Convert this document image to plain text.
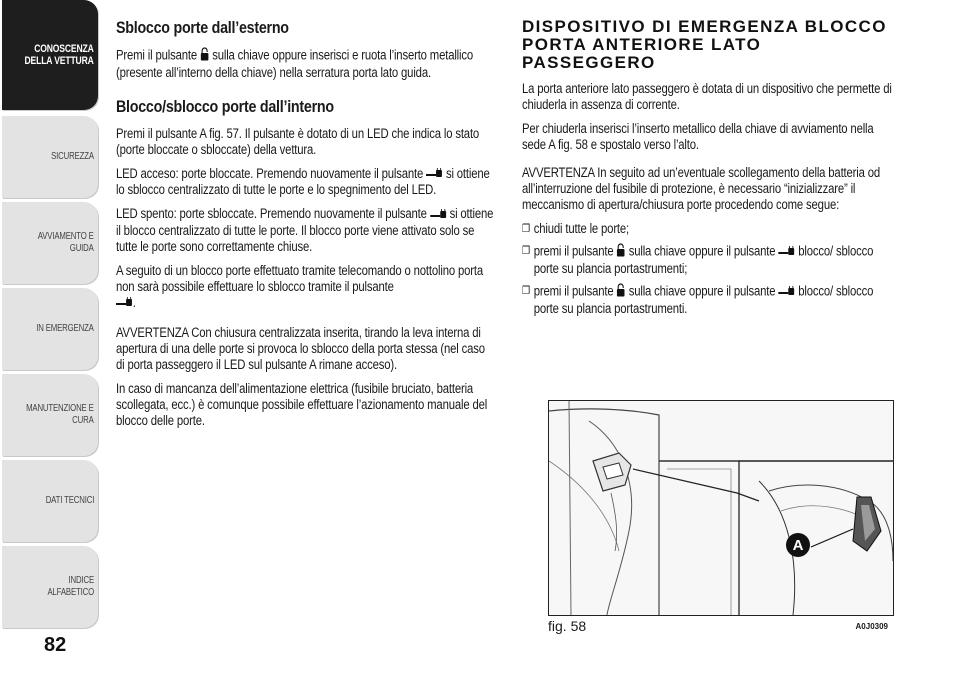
CONOSCENZA
DELLA VETTURA
SICUREZZA
AVVIAMENTO E
GUIDA
IN EMERGENZA
MANUTENZIONE E
CURA
DATI TECNICI
INDICE ALFABETICO
82
Sblocco porte dall’esterno

Premi il pulsante sulla chiave oppure inserisci e ruota l’inserto metallico (presente all’interno della chiave) nella serratura porta lato guida.

Blocco/sblocco porte dall’interno

Premi il pulsante A fig. 57. Il pulsante è dotato di un LED che indica lo stato (porte bloccate o sbloccate) della vettura.

LED acceso: porte bloccate. Premendo nuovamente il pulsante si ottiene lo sblocco centralizzato di tutte le porte e lo spegnimento del LED.

LED spento: porte sbloccate. Premendo nuovamente il pulsante si ottiene il blocco centralizzato di tutte le porte. Il blocco porte viene attivato solo se tutte le porte sono correttamente chiuse.

A seguito di un blocco porte effettuato tramite telecomando o nottolino porta non sarà possibile effettuare lo sblocco tramite il pulsante
.

AVVERTENZA Con chiusura centralizzata inserita, tirando la leva interna di apertura di una delle porte si provoca lo sblocco della porta stessa (nel caso di porta passeggero il LED sul pulsante A rimane acceso).

In caso di mancanza dell’alimentazione elettrica (fusibile bruciato, batteria scollegata, ecc.) è comunque possibile effettuare l’azionamento manuale del blocco delle porte.

DISPOSITIVO DI EMERGENZA BLOCCO
PORTA ANTERIORE LATO PASSEGGERO

La porta anteriore lato passeggero è dotata di un dispositivo che permette di chiuderla in assenza di corrente.

Per chiuderla inserisci l’inserto metallico della chiave di avviamento nella sede A fig. 58 e spostalo verso l’alto.

AVVERTENZA In seguito ad un’eventuale scollegamento della batteria od all’interruzione del fusibile di protezione, è necessario “inizializzare” il meccanismo di apertura/chiusura porte procedendo come segue:

❐ chiudi tutte le porte;

❐ premi il pulsante sulla chiave oppure il pulsante blocco/ sblocco porte su plancia portastrumenti;

❐ premi il pulsante sulla chiave oppure il pulsante blocco/ sblocco porte su plancia portastrumenti.

A
fig. 58	A0J0309
